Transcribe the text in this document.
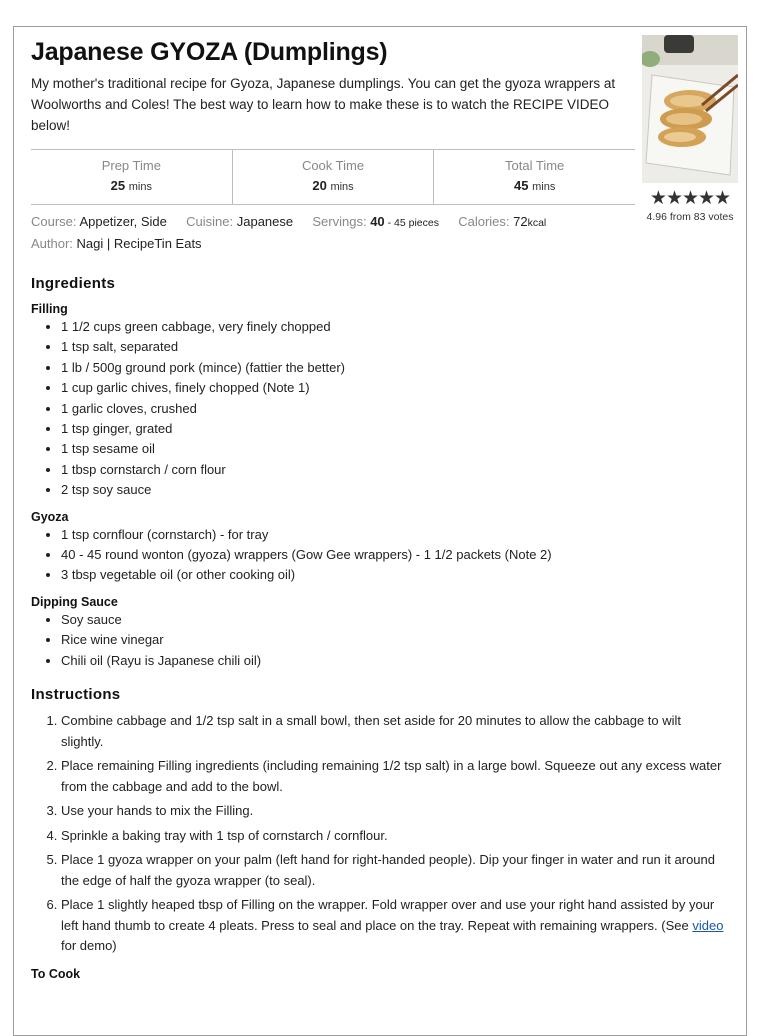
Japanese GYOZA (Dumplings)

My mother's traditional recipe for Gyoza, Japanese dumplings. You can get the gyoza wrappers at Woolworths and Coles! The best way to learn how to make these is to watch the RECIPE VIDEO below!

★★★★★
4.96 from 83 votes
Prep Time
25 mins
Cook Time
20 mins
Total Time
45 mins
Course: Appetizer, Side Cuisine: Japanese Servings: 40 - 45 pieces Calories: 72kcal
Author: Nagi | RecipeTin Eats
Ingredients
Filling
• 1 1/2 cups green cabbage, very finely chopped
• 1 tsp salt, separated
• 1 lb / 500g ground pork (mince) (fattier the better)
• 1 cup garlic chives, finely chopped (Note 1)
• 1 garlic cloves, crushed
• 1 tsp ginger, grated
• 1 tsp sesame oil
• 1 tbsp cornstarch / corn flour
• 2 tsp soy sauce
Gyoza
• 1 tsp cornflour (cornstarch) - for tray
• 40 - 45 round wonton (gyoza) wrappers (Gow Gee wrappers) - 1 1/2 packets (Note 2)
• 3 tbsp vegetable oil (or other cooking oil)
Dipping Sauce
• Soy sauce
• Rice wine vinegar
• Chili oil (Rayu is Japanese chili oil)
Instructions
1. Combine cabbage and 1/2 tsp salt in a small bowl, then set aside for 20 minutes to allow the cabbage to wilt slightly.
2. Place remaining Filling ingredients (including remaining 1/2 tsp salt) in a large bowl. Squeeze out any excess water from the cabbage and add to the bowl.
3. Use your hands to mix the Filling.
4. Sprinkle a baking tray with 1 tsp of cornstarch / cornflour.
5. Place 1 gyoza wrapper on your palm (left hand for right-handed people). Dip your finger in water and run it around the edge of half the gyoza wrapper (to seal).
6. Place 1 slightly heaped tbsp of Filling on the wrapper. Fold wrapper over and use your right hand assisted by your left hand thumb to create 4 pleats. Press to seal and place on the tray. Repeat with remaining wrappers. (See video for demo)
To Cook
